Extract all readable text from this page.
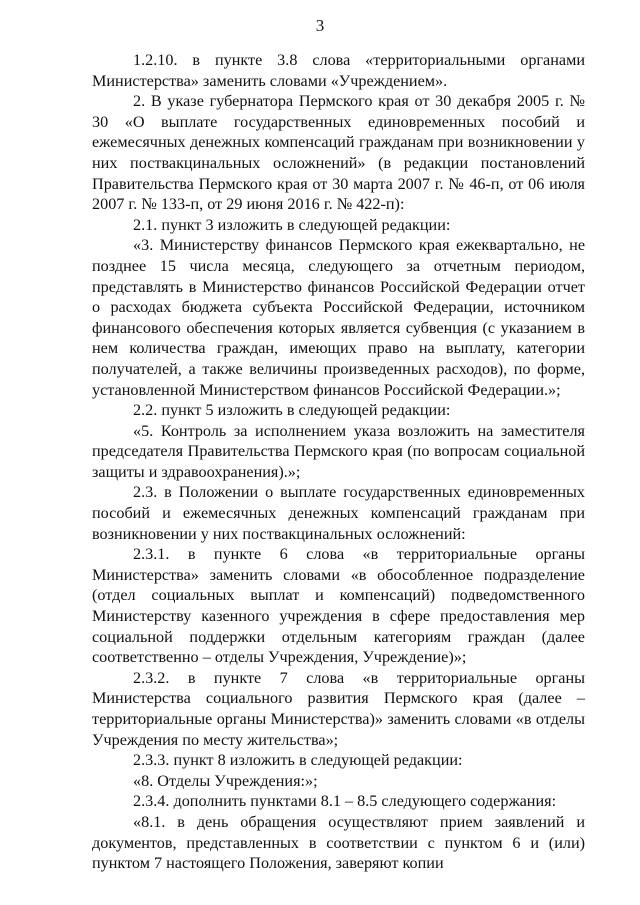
3

1.2.10. в пункте 3.8 слова «территориальными органами Министерства» заменить словами «Учреждением».

2. В указе губернатора Пермского края от 30 декабря 2005 г. № 30 «О выплате государственных единовременных пособий и ежемесячных денежных компенсаций гражданам при возникновении у них поствакцинальных осложнений» (в редакции постановлений Правительства Пермского края от 30 марта 2007 г. № 46-п, от 06 июля 2007 г. № 133-п, от 29 июня 2016 г. № 422-п):

2.1. пункт 3 изложить в следующей редакции:

«3. Министерству финансов Пермского края ежеквартально, не позднее 15 числа месяца, следующего за отчетным периодом, представлять в Министерство финансов Российской Федерации отчет о расходах бюджета субъекта Российской Федерации, источником финансового обеспечения которых является субвенция (с указанием в нем количества граждан, имеющих право на выплату, категории получателей, а также величины произведенных расходов), по форме, установленной Министерством финансов Российской Федерации.»;

2.2. пункт 5 изложить в следующей редакции:

«5. Контроль за исполнением указа возложить на заместителя председателя Правительства Пермского края (по вопросам социальной защиты и здравоохранения).»;

2.3. в Положении о выплате государственных единовременных пособий и ежемесячных денежных компенсаций гражданам при возникновении у них поствакцинальных осложнений:

2.3.1. в пункте 6 слова «в территориальные органы Министерства» заменить словами «в обособленное подразделение (отдел социальных выплат и компенсаций) подведомственного Министерству казенного учреждения в сфере предоставления мер социальной поддержки отдельным категориям граждан (далее соответственно – отделы Учреждения, Учреждение)»;

2.3.2. в пункте 7 слова «в территориальные органы Министерства социального развития Пермского края (далее – территориальные органы Министерства)» заменить словами «в отделы Учреждения по месту жительства»;

2.3.3. пункт 8 изложить в следующей редакции:

«8. Отделы Учреждения:»;

2.3.4. дополнить пунктами 8.1 – 8.5 следующего содержания:

«8.1. в день обращения осуществляют прием заявлений и документов, представленных в соответствии с пунктом 6 и (или) пунктом 7 настоящего Положения, заверяют копии
